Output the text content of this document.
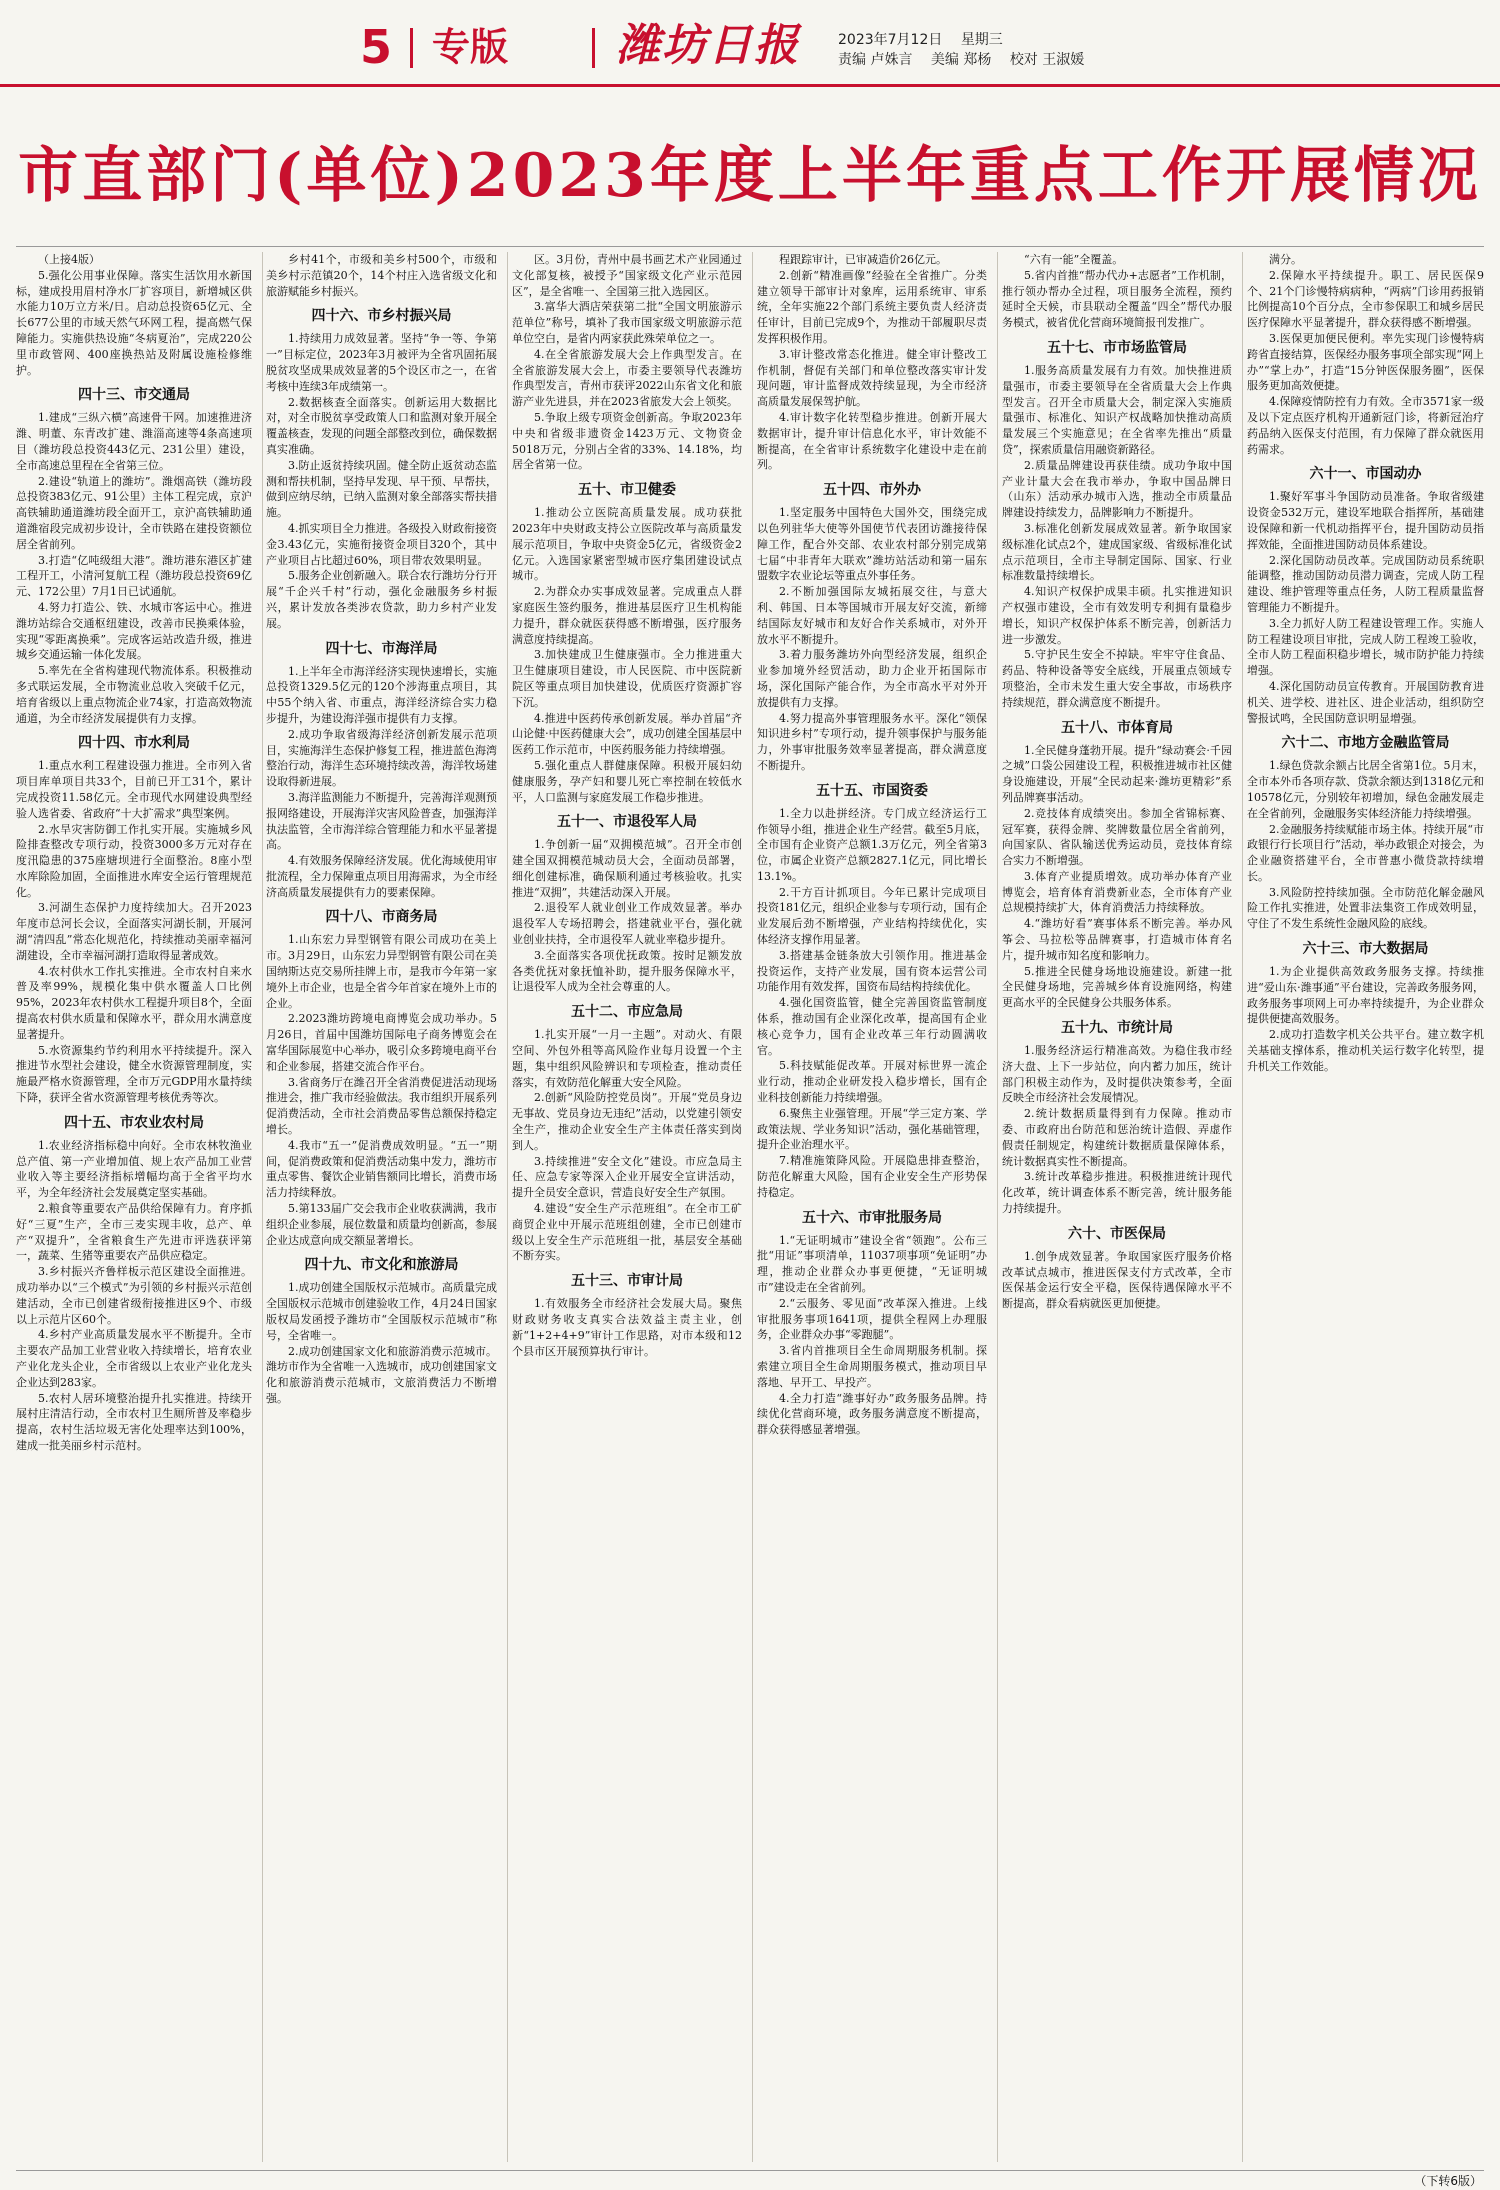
5 专版 潍坊日报	2023年7月12日 星期三
责编 卢姝言 美编 郑杨 校对 王淑媛
市直部门(单位)2023年度上半年重点工作开展情况

（上接4版）

5.强化公用事业保障。落实生活饮用水新国标，建成投用眉村净水厂扩容项目，新增城区供水能力10万立方米/日。启动总投资65亿元、全长677公里的市域天然气环网工程，提高燃气保障能力。实施供热设施“冬病夏治”，完成220公里市政管网、400座换热站及附属设施检修维护。

四十三、市交通局

1.建成“三纵六横”高速骨干网。加速推进济潍、明董、东青改扩建、潍淄高速等4条高速项目（潍坊段总投资443亿元、231公里）建设，全市高速总里程在全省第三位。

2.建设“轨道上的潍坊”。潍烟高铁（潍坊段总投资383亿元、91公里）主体工程完成，京沪高铁辅助通道潍坊段全面开工，京沪高铁辅助通道潍宿段完成初步设计，全市铁路在建投资额位居全省前列。

3.打造“亿吨级组大港”。潍坊港东港区扩建工程开工，小清河复航工程（潍坊段总投资69亿元、172公里）7月1日已试通航。

4.努力打造公、铁、水城市客运中心。推进潍坊站综合交通枢纽建设，改善市民换乘体验，实现“零距离换乘”。完成客运站改造升级，推进城乡交通运输一体化发展。

5.率先在全省构建现代物流体系。积极推动多式联运发展，全市物流业总收入突破千亿元，培育省级以上重点物流企业74家，打造高效物流通道，为全市经济发展提供有力支撑。

四十四、市水利局

1.重点水利工程建设强力推进。全市列入省项目库单项目共33个，目前已开工31个，累计完成投资11.58亿元。全市现代水网建设典型经验人选省委、省政府“十大扩需求”典型案例。

2.水旱灾害防御工作扎实开展。实施城乡风险排查整改专项行动，投资3000多万元对存在度汛隐患的375座塘坝进行全面整治。8座小型水库除险加固，全面推进水库安全运行管理规范化。

3.河湖生态保护力度持续加大。召开2023年度市总河长会议，全面落实河湖长制，开展河湖“清四乱”常态化规范化，持续推动美丽幸福河湖建设，全市幸福河湖打造取得显著成效。

4.农村供水工作扎实推进。全市农村自来水普及率99%，规模化集中供水覆盖人口比例95%，2023年农村供水工程提升项目8个，全面提高农村供水质量和保障水平，群众用水满意度显著提升。

5.水资源集约节约利用水平持续提升。深入推进节水型社会建设，健全水资源管理制度，实施最严格水资源管理，全市万元GDP用水量持续下降，获评全省水资源管理考核优秀等次。

四十五、市农业农村局

1.农业经济指标稳中向好。全市农林牧渔业总产值、第一产业增加值、规上农产品加工业营业收入等主要经济指标增幅均高于全省平均水平，为全年经济社会发展奠定坚实基础。

2.粮食等重要农产品供给保障有力。育序抓好“三夏”生产，全市三麦实现丰收，总产、单产“双提升”，全省粮食生产先进市评选获评第一，蔬菜、生猪等重要农产品供应稳定。

3.乡村振兴齐鲁样板示范区建设全面推进。成功举办以“三个模式”为引领的乡村振兴示范创建活动，全市已创建省级衔接推进区9个、市级以上示范片区60个。

4.乡村产业高质量发展水平不断提升。全市主要农产品加工业营业收入持续增长，培育农业产业化龙头企业，全市省级以上农业产业化龙头企业达到283家。

5.农村人居环境整治提升扎实推进。持续开展村庄清洁行动，全市农村卫生厕所普及率稳步提高，农村生活垃圾无害化处理率达到100%，建成一批美丽乡村示范村。

乡村41个，市级和美乡村500个，市级和美乡村示范镇20个，14个村庄入选省级文化和旅游赋能乡村振兴。

四十六、市乡村振兴局

1.持续用力成效显著。坚持“争一等、争第一”目标定位，2023年3月被评为全省巩固拓展脱贫攻坚成果成效显著的5个设区市之一，在省考核中连续3年成绩第一。

2.数据核查全面落实。创新运用大数据比对，对全市脱贫享受政策人口和监测对象开展全覆盖核查，发现的问题全部整改到位，确保数据真实准确。

3.防止返贫持续巩固。健全防止返贫动态监测和帮扶机制，坚持早发现、早干预、早帮扶，做到应纳尽纳，已纳入监测对象全部落实帮扶措施。

4.抓实项目全力推进。各级投入财政衔接资金3.43亿元，实施衔接资金项目320个，其中产业项目占比超过60%，项目带农效果明显。

5.服务企业创新融入。联合农行潍坊分行开展“千企兴千村”行动，强化金融服务乡村振兴，累计发放各类涉农贷款，助力乡村产业发展。

四十七、市海洋局

1.上半年全市海洋经济实现快速增长，实施总投资1329.5亿元的120个涉海重点项目，其中55个纳入省、市重点，海洋经济综合实力稳步提升，为建设海洋强市提供有力支撑。

2.成功争取省级海洋经济创新发展示范项目，实施海洋生态保护修复工程，推进蓝色海湾整治行动，海洋生态环境持续改善，海洋牧场建设取得新进展。

3.海洋监测能力不断提升，完善海洋观测预报网络建设，开展海洋灾害风险普查，加强海洋执法监管，全市海洋综合管理能力和水平显著提高。

4.有效服务保障经济发展。优化海域使用审批流程，全力保障重点项目用海需求，为全市经济高质量发展提供有力的要素保障。

四十八、市商务局

1.山东宏力异型钢管有限公司成功在美上市。3月29日，山东宏力异型钢管有限公司在美国纳斯达克交易所挂牌上市，是我市今年第一家境外上市企业，也是全省今年首家在境外上市的企业。

2.2023潍坊跨境电商博览会成功举办。5月26日，首届中国潍坊国际电子商务博览会在富华国际展览中心举办，吸引众多跨境电商平台和企业参展，搭建交流合作平台。

3.省商务厅在潍召开全省消费促进活动现场推进会，推广我市经验做法。我市组织开展系列促消费活动，全市社会消费品零售总额保持稳定增长。

4.我市“五一”促消费成效明显。“五一”期间，促消费政策和促消费活动集中发力，潍坊市重点零售、餐饮企业销售额同比增长，消费市场活力持续释放。

5.第133届广交会我市企业收获满满，我市组织企业参展，展位数量和质量均创新高，参展企业达成意向成交额显著增长。

四十九、市文化和旅游局

1.成功创建全国版权示范城市。高质量完成全国版权示范城市创建验收工作，4月24日国家版权局发函授予潍坊市“全国版权示范城市”称号，全省唯一。

2.成功创建国家文化和旅游消费示范城市。潍坊市作为全省唯一入选城市，成功创建国家文化和旅游消费示范城市，文旅消费活力不断增强。

区。3月份，青州中晨书画艺术产业园通过文化部复核，被授予“国家级文化产业示范园区”，是全省唯一、全国第三批入选园区。

3.富华大酒店荣获第二批“全国文明旅游示范单位”称号，填补了我市国家级文明旅游示范单位空白，是省内两家获此殊荣单位之一。

4.在全省旅游发展大会上作典型发言。在全省旅游发展大会上，市委主要领导代表潍坊作典型发言，青州市获评2022山东省文化和旅游产业先进县，并在2023省旅发大会上领奖。

5.争取上级专项资金创新高。争取2023年中央和省级非遗资金1423万元、文物资金5018万元，分别占全省的33%、14.18%，均居全省第一位。

五十、市卫健委

1.推动公立医院高质量发展。成功获批2023年中央财政支持公立医院改革与高质量发展示范项目，争取中央资金5亿元，省级资金2亿元。入选国家紧密型城市医疗集团建设试点城市。

2.为群众办实事成效显著。完成重点人群家庭医生签约服务，推进基层医疗卫生机构能力提升，群众就医获得感不断增强，医疗服务满意度持续提高。

3.加快建成卫生健康强市。全力推进重大卫生健康项目建设，市人民医院、市中医院新院区等重点项目加快建设，优质医疗资源扩容下沉。

4.推进中医药传承创新发展。举办首届“齐山论健·中医药健康大会”，成功创建全国基层中医药工作示范市，中医药服务能力持续增强。

5.强化重点人群健康保障。积极开展妇幼健康服务，孕产妇和婴儿死亡率控制在较低水平，人口监测与家庭发展工作稳步推进。

五十一、市退役军人局

1.争创新一届“双拥模范城”。召开全市创建全国双拥模范城动员大会，全面动员部署，细化创建标准，确保顺利通过考核验收。扎实推进“双拥”，共建活动深入开展。

2.退役军人就业创业工作成效显著。举办退役军人专场招聘会，搭建就业平台，强化就业创业扶持，全市退役军人就业率稳步提升。

3.全面落实各项优抚政策。按时足额发放各类优抚对象抚恤补助，提升服务保障水平，让退役军人成为全社会尊重的人。

五十二、市应急局

1.扎实开展“一月一主题”。对动火、有限空间、外包外租等高风险作业每月设置一个主题，集中组织风险辨识和专项检查，推动责任落实，有效防范化解重大安全风险。

2.创新“风险防控党员岗”。开展“党员身边无事故、党员身边无违纪”活动，以党建引领安全生产，推动企业安全生产主体责任落实到岗到人。

3.持续推进“安全文化”建设。市应急局主任、应急专家等深入企业开展安全宣讲活动，提升全员安全意识，营造良好安全生产氛围。

4.建设“安全生产示范班组”。在全市工矿商贸企业中开展示范班组创建，全市已创建市级以上安全生产示范班组一批，基层安全基础不断夯实。

五十三、市审计局

1.有效服务全市经济社会发展大局。聚焦财政财务收支真实合法效益主责主业，创新“1+2+4+9”审计工作思路，对市本级和12个县市区开展预算执行审计。

程跟踪审计，已审减造价26亿元。

2.创新“精准画像”经验在全省推广。分类建立领导干部审计对象库，运用系统审、审系统，全年实施22个部门系统主要负责人经济责任审计，目前已完成9个，为推动干部履职尽责发挥积极作用。

3.审计整改常态化推进。健全审计整改工作机制，督促有关部门和单位整改落实审计发现问题，审计监督成效持续显现，为全市经济高质量发展保驾护航。

4.审计数字化转型稳步推进。创新开展大数据审计，提升审计信息化水平，审计效能不断提高，在全省审计系统数字化建设中走在前列。

五十四、市外办

1.坚定服务中国特色大国外交，围绕完成以色列驻华大使等外国使节代表团访潍接待保障工作，配合外交部、农业农村部分别完成第七届“中非青年大联欢”潍坊站活动和第一届东盟数字农业论坛等重点外事任务。

2.不断加强国际友城拓展交往，与意大利、韩国、日本等国城市开展友好交流，新缔结国际友好城市和友好合作关系城市，对外开放水平不断提升。

3.着力服务潍坊外向型经济发展，组织企业参加境外经贸活动，助力企业开拓国际市场，深化国际产能合作，为全市高水平对外开放提供有力支撑。

4.努力提高外事管理服务水平。深化“领保知识进乡村”专项行动，提升领事保护与服务能力，外事审批服务效率显著提高，群众满意度不断提升。

五十五、市国资委

1.全力以赴拼经济。专门成立经济运行工作领导小组，推进企业生产经营。截至5月底，全市国有企业资产总额1.3万亿元，列全省第3位，市属企业资产总额2827.1亿元，同比增长13.1%。

2.干方百计抓项目。今年已累计完成项目投资181亿元，组织企业参与专项行动，国有企业发展后劲不断增强，产业结构持续优化，实体经济支撑作用显著。

3.搭建基金链条放大引领作用。推进基金投资运作，支持产业发展，国有资本运营公司功能作用有效发挥，国资布局结构持续优化。

4.强化国资监管，健全完善国资监管制度体系，推动国有企业深化改革，提高国有企业核心竞争力，国有企业改革三年行动圆满收官。

5.科技赋能促改革。开展对标世界一流企业行动，推动企业研发投入稳步增长，国有企业科技创新能力持续增强。

6.聚焦主业强管理。开展“学三定方案、学政策法规、学业务知识”活动，强化基础管理，提升企业治理水平。

7.精准施策降风险。开展隐患排查整治，防范化解重大风险，国有企业安全生产形势保持稳定。

五十六、市审批服务局

1.“无证明城市”建设全省“领跑”。公布三批“用证”事项清单，11037项事项“免证明”办理，推动企业群众办事更便捷，“无证明城市”建设走在全省前列。

2.“云服务、零见面”改革深入推进。上线审批服务事项1641项，提供全程网上办理服务，企业群众办事“零跑腿”。

3.省内首推项目全生命周期服务机制。探索建立项目全生命周期服务模式，推动项目早落地、早开工、早投产。

4.全力打造“潍事好办”政务服务品牌。持续优化营商环境，政务服务满意度不断提高，群众获得感显著增强。

“六有一能”全覆盖。

5.省内首推“帮办代办+志愿者”工作机制，推行领办帮办全过程，项目服务全流程，预约延时全天候，市县联动全覆盖“四全”帮代办服务模式，被省优化营商环境简报刊发推广。

五十七、市市场监管局

1.服务高质量发展有力有效。加快推进质量强市，市委主要领导在全省质量大会上作典型发言。召开全市质量大会，制定深入实施质量强市、标准化、知识产权战略加快推动高质量发展三个实施意见；在全省率先推出“质量贷”，探索质量信用融资新路径。

2.质量品牌建设再获佳绩。成功争取中国产业计量大会在我市举办，争取中国品牌日（山东）活动承办城市入选，推动全市质量品牌建设持续发力，品牌影响力不断提升。

3.标准化创新发展成效显著。新争取国家级标准化试点2个，建成国家级、省级标准化试点示范项目，全市主导制定国际、国家、行业标准数量持续增长。

4.知识产权保护成果丰硕。扎实推进知识产权强市建设，全市有效发明专利拥有量稳步增长，知识产权保护体系不断完善，创新活力进一步激发。

5.守护民生安全不掉缺。牢牢守住食品、药品、特种设备等安全底线，开展重点领域专项整治，全市未发生重大安全事故，市场秩序持续规范，群众满意度不断提升。

五十八、市体育局

1.全民健身蓬勃开展。提升“绿动赛会·千园之城”口袋公园建设工程，积极推进城市社区健身设施建设，开展“全民动起来·潍坊更精彩”系列品牌赛事活动。

2.竞技体育成绩突出。参加全省锦标赛、冠军赛，获得金牌、奖牌数量位居全省前列，向国家队、省队输送优秀运动员，竞技体育综合实力不断增强。

3.体育产业提质增效。成功举办体育产业博览会，培育体育消费新业态，全市体育产业总规模持续扩大，体育消费活力持续释放。

4.“潍坊好看”赛事体系不断完善。举办风筝会、马拉松等品牌赛事，打造城市体育名片，提升城市知名度和影响力。

5.推进全民健身场地设施建设。新建一批全民健身场地，完善城乡体育设施网络，构建更高水平的全民健身公共服务体系。

五十九、市统计局

1.服务经济运行精准高效。为稳住我市经济大盘、上下一步站位，向内蓄力加压，统计部门积极主动作为，及时提供决策参考，全面反映全市经济社会发展情况。

2.统计数据质量得到有力保障。推动市委、市政府出台防范和惩治统计造假、弄虚作假责任制规定，构建统计数据质量保障体系，统计数据真实性不断提高。

3.统计改革稳步推进。积极推进统计现代化改革，统计调查体系不断完善，统计服务能力持续提升。

六十、市医保局

1.创争成效显著。争取国家医疗服务价格改革试点城市，推进医保支付方式改革，全市医保基金运行安全平稳，医保待遇保障水平不断提高，群众看病就医更加便捷。

满分。

2.保障水平持续提升。职工、居民医保9个、21个门诊慢特病病种，“两病”门诊用药报销比例提高10个百分点，全市参保职工和城乡居民医疗保障水平显著提升，群众获得感不断增强。

3.医保更加便民便利。率先实现门诊慢特病跨省直接结算，医保经办服务事项全部实现“网上办”“掌上办”，打造“15分钟医保服务圈”，医保服务更加高效便捷。

4.保障疫情防控有力有效。全市3571家一级及以下定点医疗机构开通新冠门诊，将新冠治疗药品纳入医保支付范围，有力保障了群众就医用药需求。

六十一、市国动办

1.聚好军事斗争国防动员准备。争取省级建设资金532万元，建设军地联合指挥所，基础建设保障和新一代机动指挥平台，提升国防动员指挥效能，全面推进国防动员体系建设。

2.深化国防动员改革。完成国防动员系统职能调整，推动国防动员潜力调查，完成人防工程建设、维护管理等重点任务，人防工程质量监督管理能力不断提升。

3.全力抓好人防工程建设管理工作。实施人防工程建设项目审批，完成人防工程竣工验收，全市人防工程面积稳步增长，城市防护能力持续增强。

4.深化国防动员宣传教育。开展国防教育进机关、进学校、进社区、进企业活动，组织防空警报试鸣，全民国防意识明显增强。

六十二、市地方金融监管局

1.绿色贷款余额占比居全省第1位。5月末，全市本外币各项存款、贷款余额达到1318亿元和10578亿元，分别较年初增加，绿色金融发展走在全省前列，金融服务实体经济能力持续增强。

2.金融服务持续赋能市场主体。持续开展“市政银行行长项目行”活动，举办政银企对接会，为企业融资搭建平台，全市普惠小微贷款持续增长。

3.风险防控持续加强。全市防范化解金融风险工作扎实推进，处置非法集资工作成效明显，守住了不发生系统性金融风险的底线。

六十三、市大数据局

1.为企业提供高效政务服务支撑。持续推进“爱山东·潍事通”平台建设，完善政务服务网，政务服务事项网上可办率持续提升，为企业群众提供便捷高效服务。

2.成功打造数字机关公共平台。建立数字机关基础支撑体系，推动机关运行数字化转型，提升机关工作效能。

（下转6版）
